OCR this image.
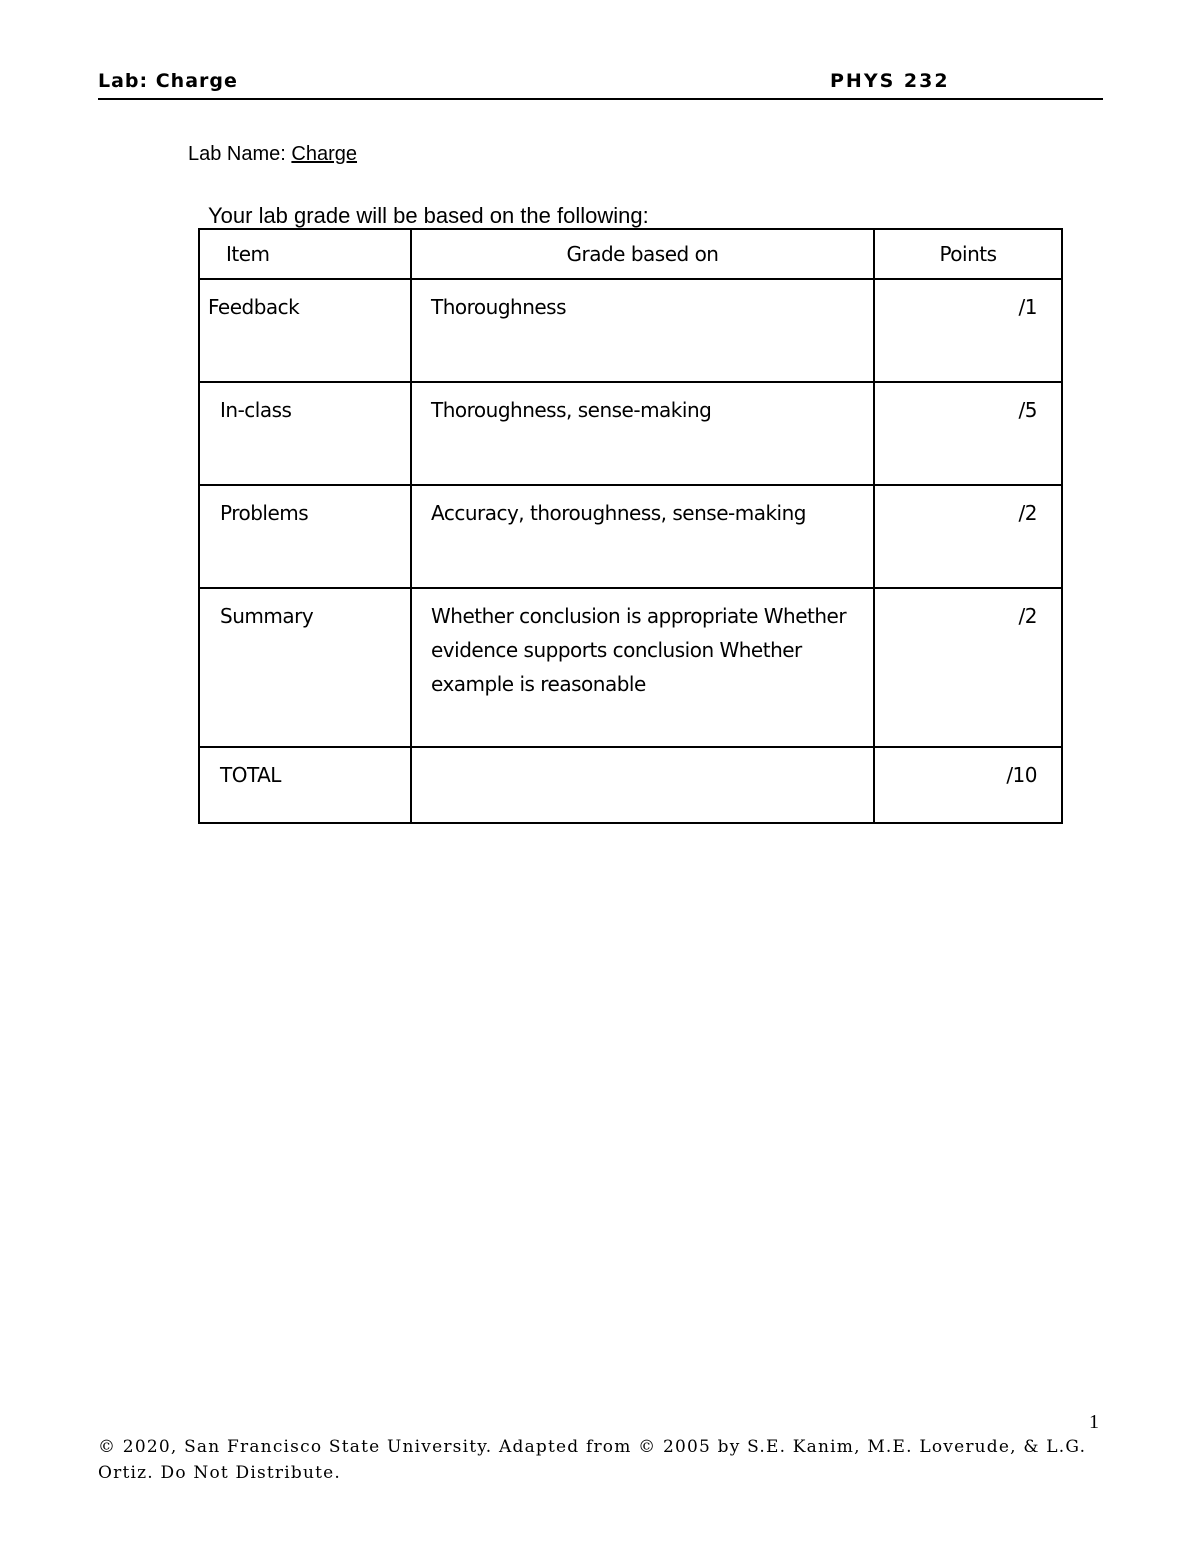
Lab: Charge	PHYS 232
Lab Name: Charge
Your lab grade will be based on the following:
Item	Grade based on	Points
Feedback	Thoroughness	/1
In-class	Thoroughness, sense-making	/5
Problems	Accuracy, thoroughness, sense-making	/2
Summary	Whether conclusion is appropriate Whether evidence supports conclusion Whether example is reasonable	/2
TOTAL		/10
1
© 2020, San Francisco State University. Adapted from © 2005 by S.E. Kanim, M.E. Loverude, & L.G. Ortiz. Do Not Distribute.
